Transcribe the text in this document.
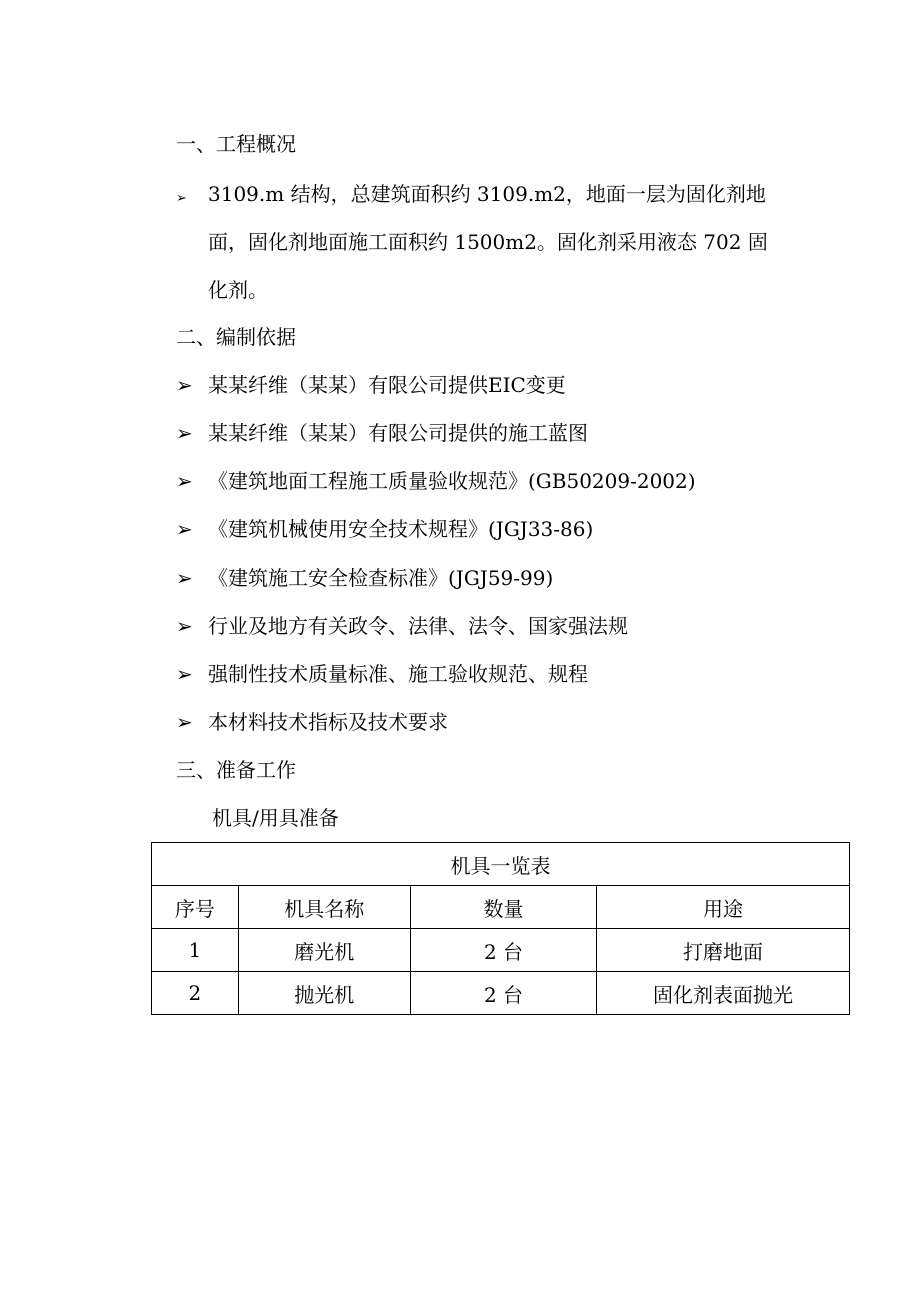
一、工程概况
➢	3109.m 结构，总建筑面积约 3109.m2，地面一层为固化剂地
面，固化剂地面施工面积约 1500m2。固化剂采用液态 702 固
化剂。
二、编制依据
➢ 某某纤维（某某）有限公司提供EIC变更
➢ 某某纤维（某某）有限公司提供的施工蓝图
➢ 《建筑地面工程施工质量验收规范》(GB50209-2002)
➢ 《建筑机械使用安全技术规程》(JGJ33-86)
➢ 《建筑施工安全检查标准》(JGJ59-99)
➢ 行业及地方有关政令、法律、法令、国家强法规
➢ 强制性技术质量标准、施工验收规范、规程
➢ 本材料技术指标及技术要求
三、准备工作
机具/用具准备
机具一览表			
序号	机具名称	数量	用途
1	磨光机	2 台	打磨地面
2	抛光机	2 台	固化剂表面抛光
